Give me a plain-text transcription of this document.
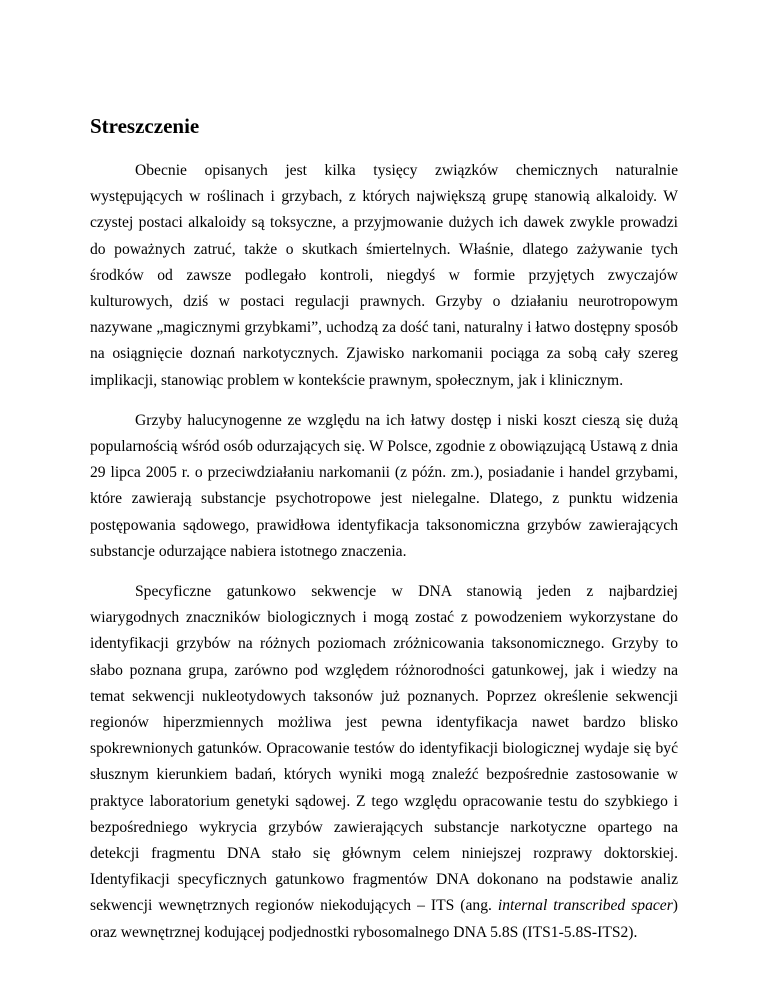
Streszczenie

Obecnie opisanych jest kilka tysięcy związków chemicznych naturalnie występujących w roślinach i grzybach, z których największą grupę stanowią alkaloidy. W czystej postaci alkaloidy są toksyczne, a przyjmowanie dużych ich dawek zwykle prowadzi do poważnych zatruć, także o skutkach śmiertelnych. Właśnie, dlatego zażywanie tych środków od zawsze podlegało kontroli, niegdyś w formie przyjętych zwyczajów kulturowych, dziś w postaci regulacji prawnych. Grzyby o działaniu neurotropowym nazywane „magicznymi grzybkami”, uchodzą za dość tani, naturalny i łatwo dostępny sposób na osiągnięcie doznań narkotycznych. Zjawisko narkomanii pociąga za sobą cały szereg implikacji, stanowiąc problem w kontekście prawnym, społecznym, jak i klinicznym.

Grzyby halucynogenne ze względu na ich łatwy dostęp i niski koszt cieszą się dużą popularnością wśród osób odurzających się. W Polsce, zgodnie z obowiązującą Ustawą z dnia 29 lipca 2005 r. o przeciwdziałaniu narkomanii (z późn. zm.), posiadanie i handel grzybami, które zawierają substancje psychotropowe jest nielegalne. Dlatego, z punktu widzenia postępowania sądowego, prawidłowa identyfikacja taksonomiczna grzybów zawierających substancje odurzające nabiera istotnego znaczenia.

Specyficzne gatunkowo sekwencje w DNA stanowią jeden z najbardziej wiarygodnych znaczników biologicznych i mogą zostać z powodzeniem wykorzystane do identyfikacji grzybów na różnych poziomach zróżnicowania taksonomicznego. Grzyby to słabo poznana grupa, zarówno pod względem różnorodności gatunkowej, jak i wiedzy na temat sekwencji nukleotydowych taksonów już poznanych. Poprzez określenie sekwencji regionów hiperzmiennych możliwa jest pewna identyfikacja nawet bardzo blisko spokrewnionych gatunków. Opracowanie testów do identyfikacji biologicznej wydaje się być słusznym kierunkiem badań, których wyniki mogą znaleźć bezpośrednie zastosowanie w praktyce laboratorium genetyki sądowej. Z tego względu opracowanie testu do szybkiego i bezpośredniego wykrycia grzybów zawierających substancje narkotyczne opartego na detekcji fragmentu DNA stało się głównym celem niniejszej rozprawy doktorskiej. Identyfikacji specyficznych gatunkowo fragmentów DNA dokonano na podstawie analiz sekwencji wewnętrznych regionów niekodujących – ITS (ang. internal transcribed spacer) oraz wewnętrznej kodującej podjednostki rybosomalnego DNA 5.8S (ITS1-5.8S-ITS2).
